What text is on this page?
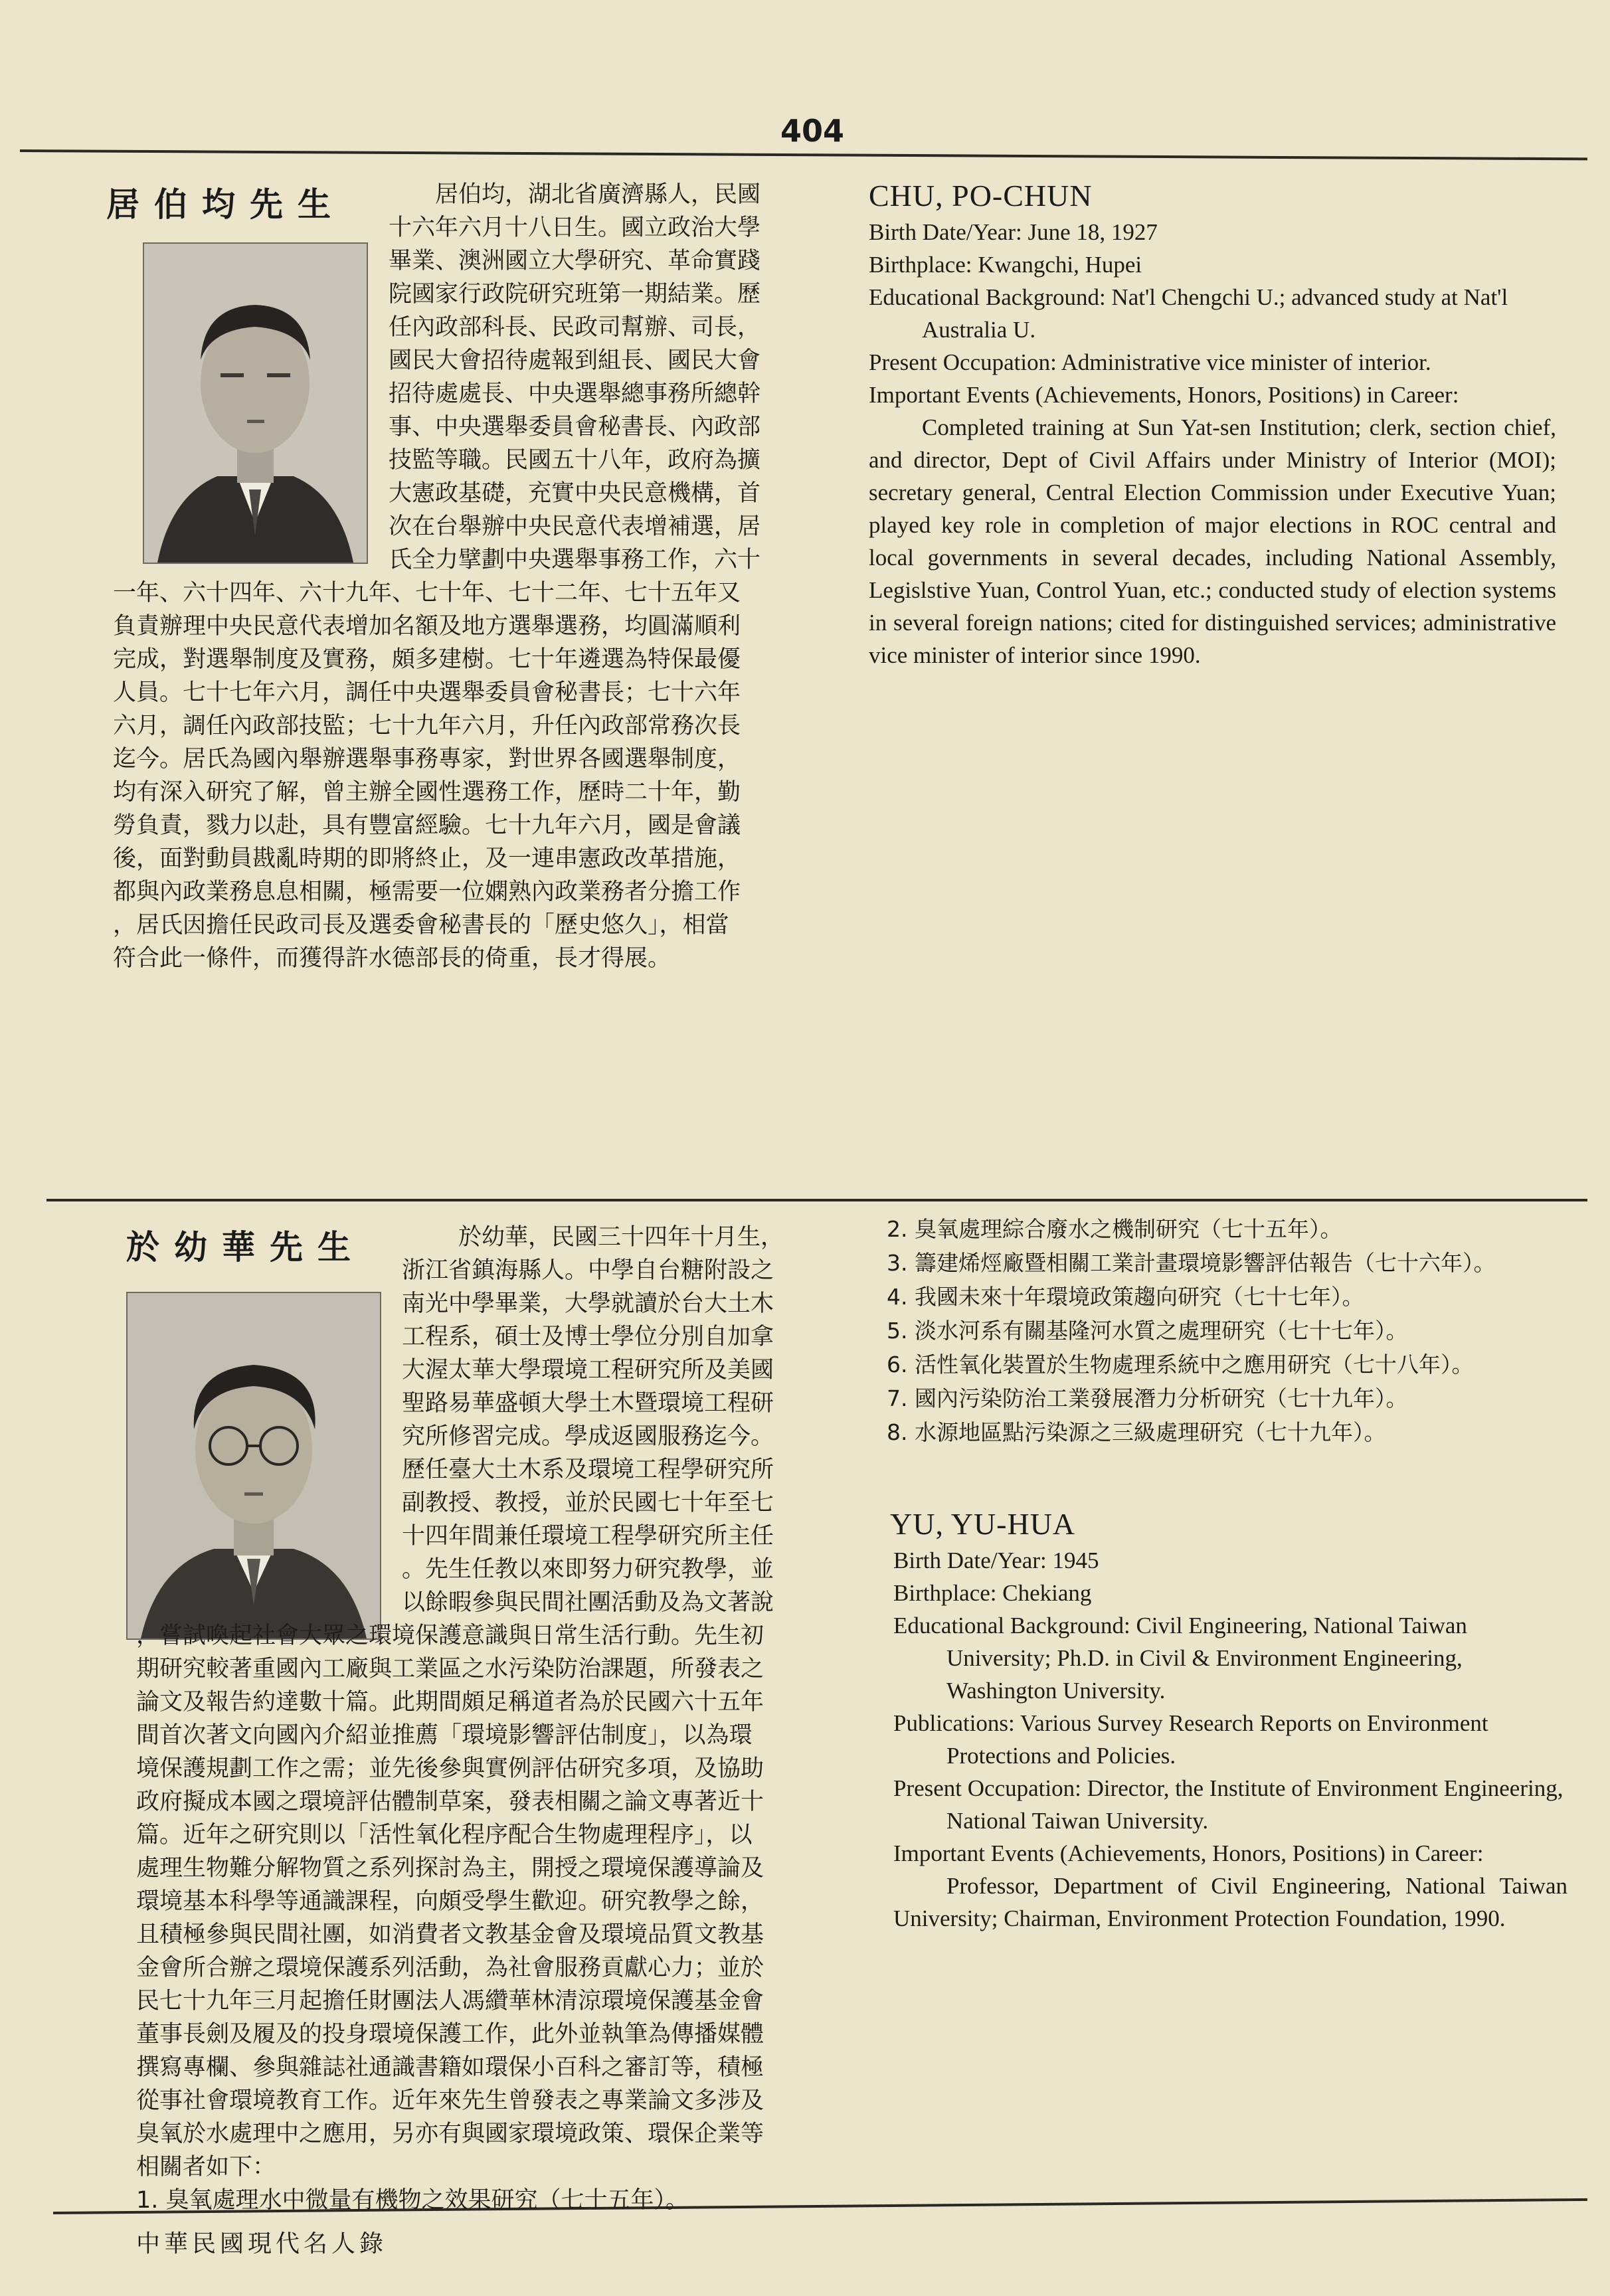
404
居伯均先生	居伯均，湖北省廣濟縣人，民國

十六年六月十八日生。國立政治大學

畢業、澳洲國立大學研究、革命實踐

院國家行政院研究班第一期結業。歷

任內政部科長、民政司幫辦、司長，

國民大會招待處報到組長、國民大會

招待處處長、中央選舉總事務所總幹

事、中央選舉委員會秘書長、內政部

技監等職。民國五十八年，政府為擴

大憲政基礎，充實中央民意機構，首

次在台舉辦中央民意代表增補選，居

氏全力擘劃中央選舉事務工作，六十

一年、六十四年、六十九年、七十年、七十二年、七十五年又

負責辦理中央民意代表增加名額及地方選舉選務，均圓滿順利

完成，對選舉制度及實務，頗多建樹。七十年遴選為特保最優

人員。七十七年六月，調任中央選舉委員會秘書長；七十六年

六月，調任內政部技監；七十九年六月，升任內政部常務次長

迄今。居氏為國內舉辦選舉事務專家，對世界各國選舉制度，

均有深入研究了解，曾主辦全國性選務工作，歷時二十年，勤

勞負責，戮力以赴，具有豐富經驗。七十九年六月，國是會議

後，面對動員戡亂時期的即將終止，及一連串憲政改革措施，

都與內政業務息息相關，極需要一位嫻熟內政業務者分擔工作

，居氏因擔任民政司長及選委會秘書長的「歷史悠久」，相當

符合此一條件，而獲得許水德部長的倚重，長才得展。

CHU, PO-CHUN
Birth Date/Year: June 18, 1927
Birthplace: Kwangchi, Hupei
Educational Background: Nat'l Chengchi U.; advanced study at Nat'l Australia U.
Present Occupation: Administrative vice minister of interior.
Important Events (Achievements, Honors, Positions) in Career:
Completed training at Sun Yat-sen Institution; clerk, section chief, and director, Dept of Civil Affairs under Ministry of Interior (MOI); secretary general, Central Election Commission under Executive Yuan; played key role in completion of major elections in ROC central and local governments in several decades, including National Assembly, Legislstive Yuan, Control Yuan, etc.; conducted study of election systems in several foreign nations; cited for distinguished services; administrative vice minister of interior since 1990.
於幼華先生	於幼華，民國三十四年十月生，

浙江省鎮海縣人。中學自台糖附設之

南光中學畢業，大學就讀於台大土木

工程系，碩士及博士學位分別自加拿

大渥太華大學環境工程研究所及美國

聖路易華盛頓大學土木暨環境工程研

究所修習完成。學成返國服務迄今。

歷任臺大土木系及環境工程學研究所

副教授、教授，並於民國七十年至七

十四年間兼任環境工程學研究所主任

。先生任教以來即努力研究教學，並

以餘暇參與民間社團活動及為文著說

，嘗試喚起社會大眾之環境保護意識與日常生活行動。先生初

期研究較著重國內工廠與工業區之水污染防治課題，所發表之

論文及報告約達數十篇。此期間頗足稱道者為於民國六十五年

間首次著文向國內介紹並推薦「環境影響評估制度」，以為環

境保護規劃工作之需；並先後參與實例評估研究多項，及協助

政府擬成本國之環境評估體制草案，發表相關之論文專著近十

篇。近年之研究則以「活性氧化程序配合生物處理程序」，以

處理生物難分解物質之系列探討為主，開授之環境保護導論及

環境基本科學等通識課程，向頗受學生歡迎。研究教學之餘，

且積極參與民間社團，如消費者文教基金會及環境品質文教基

金會所合辦之環境保護系列活動，為社會服務貢獻心力；並於

民七十九年三月起擔任財團法人馮纘華林清涼環境保護基金會

董事長劍及履及的投身環境保護工作，此外並執筆為傳播媒體

撰寫專欄、參與雜誌社通識書籍如環保小百科之審訂等，積極

從事社會環境教育工作。近年來先生曾發表之專業論文多涉及

臭氧於水處理中之應用，另亦有與國家環境政策、環保企業等

相關者如下：

1. 臭氧處理水中微量有機物之效果研究（七十五年）。

2. 臭氧處理綜合廢水之機制研究（七十五年）。
3. 籌建烯烴廠暨相關工業計畫環境影響評估報告（七十六年）。
4. 我國未來十年環境政策趨向研究（七十七年）。
5. 淡水河系有關基隆河水質之處理研究（七十七年）。
6. 活性氧化裝置於生物處理系統中之應用研究（七十八年）。
7. 國內污染防治工業發展潛力分析研究（七十九年）。
8. 水源地區點污染源之三級處理研究（七十九年）。
YU, YU-HUA
Birth Date/Year: 1945
Birthplace: Chekiang
Educational Background: Civil Engineering, National Taiwan University; Ph.D. in Civil & Environment Engineering, Washington University.
Publications: Various Survey Research Reports on Environment Protections and Policies.
Present Occupation: Director, the Institute of Environment Engineering, National Taiwan University.
Important Events (Achievements, Honors, Positions) in Career:
Professor, Department of Civil Engineering, National Taiwan University; Chairman, Environment Protection Foundation, 1990.
中華民國現代名人錄
